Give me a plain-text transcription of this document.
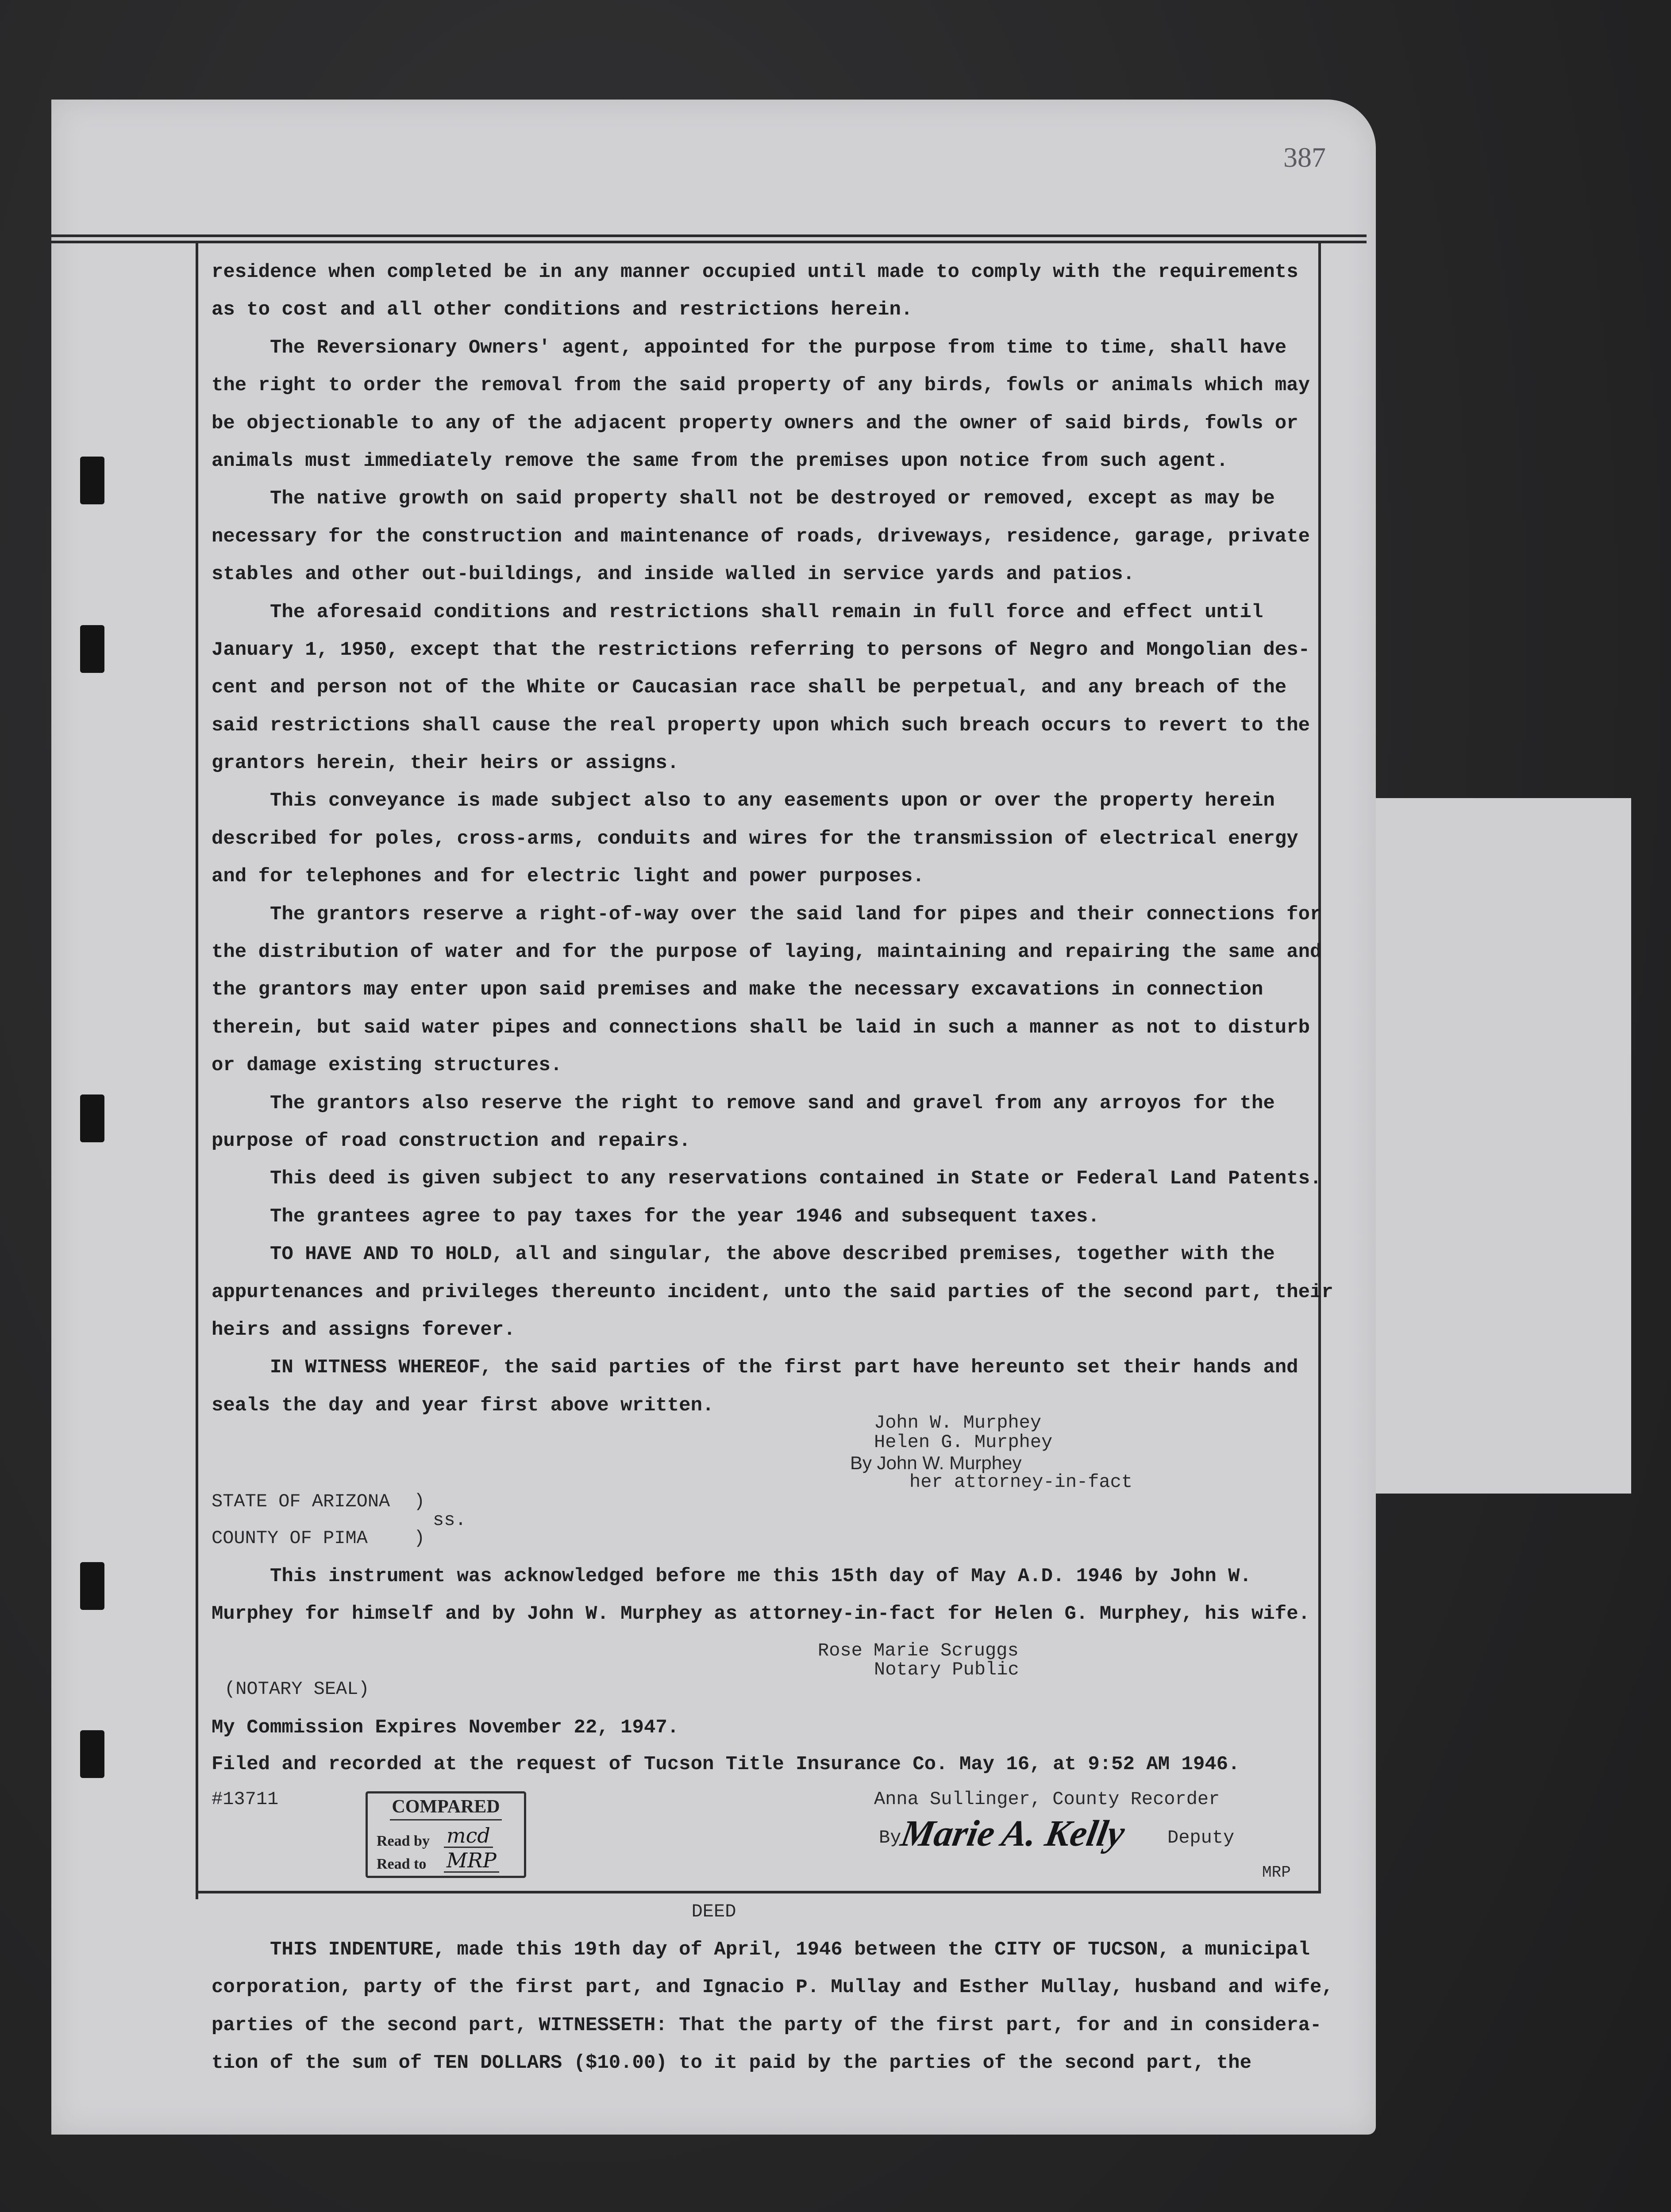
387
residence when completed be in any manner occupied until made to comply with the requirements
as to cost and all other conditions and restrictions herein.
The Reversionary Owners' agent, appointed for the purpose from time to time, shall have
the right to order the removal from the said property of any birds, fowls or animals which may
be objectionable to any of the adjacent property owners and the owner of said birds, fowls or
animals must immediately remove the same from the premises upon notice from such agent.
The native growth on said property shall not be destroyed or removed, except as may be
necessary for the construction and maintenance of roads, driveways, residence, garage, private
stables and other out-buildings, and inside walled in service yards and patios.
The aforesaid conditions and restrictions shall remain in full force and effect until
January 1, 1950, except that the restrictions referring to persons of Negro and Mongolian des-
cent and person not of the White or Caucasian race shall be perpetual, and any breach of the
said restrictions shall cause the real property upon which such breach occurs to revert to the
grantors herein, their heirs or assigns.
This conveyance is made subject also to any easements upon or over the property herein
described for poles, cross-arms, conduits and wires for the transmission of electrical energy
and for telephones and for electric light and power purposes.
The grantors reserve a right-of-way over the said land for pipes and their connections for
the distribution of water and for the purpose of laying, maintaining and repairing the same and
the grantors may enter upon said premises and make the necessary excavations in connection
therein, but said water pipes and connections shall be laid in such a manner as not to disturb
or damage existing structures.
The grantors also reserve the right to remove sand and gravel from any arroyos for the
purpose of road construction and repairs.
This deed is given subject to any reservations contained in State or Federal Land Patents.
The grantees agree to pay taxes for the year 1946 and subsequent taxes.
TO HAVE AND TO HOLD, all and singular, the above described premises, together with the
appurtenances and privileges thereunto incident, unto the said parties of the second part, their
heirs and assigns forever.
IN WITNESS WHEREOF, the said parties of the first part have hereunto set their hands and
seals the day and year first above written.
John W. Murphey
Helen G. Murphey
By John W. Murphey
her attorney-in-fact
STATE OF ARIZONA )
ss.
COUNTY OF PIMA )
This instrument was acknowledged before me this 15th day of May A.D. 1946 by John W.
Murphey for himself and by John W. Murphey as attorney-in-fact for Helen G. Murphey, his wife.
Rose Marie Scruggs
Notary Public
(NOTARY SEAL)
My Commission Expires November 22, 1947.
Filed and recorded at the request of Tucson Title Insurance Co. May 16, at 9:52 AM 1946.
#13711	Anna Sullinger, County Recorder
COMPARED
Read by mcd
Read to MRP
By
Marie A. Kelly Deputy
MRP
DEED
THIS INDENTURE, made this 19th day of April, 1946 between the CITY OF TUCSON, a municipal
corporation, party of the first part, and Ignacio P. Mullay and Esther Mullay, husband and wife,
parties of the second part, WITNESSETH: That the party of the first part, for and in considera-
tion of the sum of TEN DOLLARS ($10.00) to it paid by the parties of the second part, the
